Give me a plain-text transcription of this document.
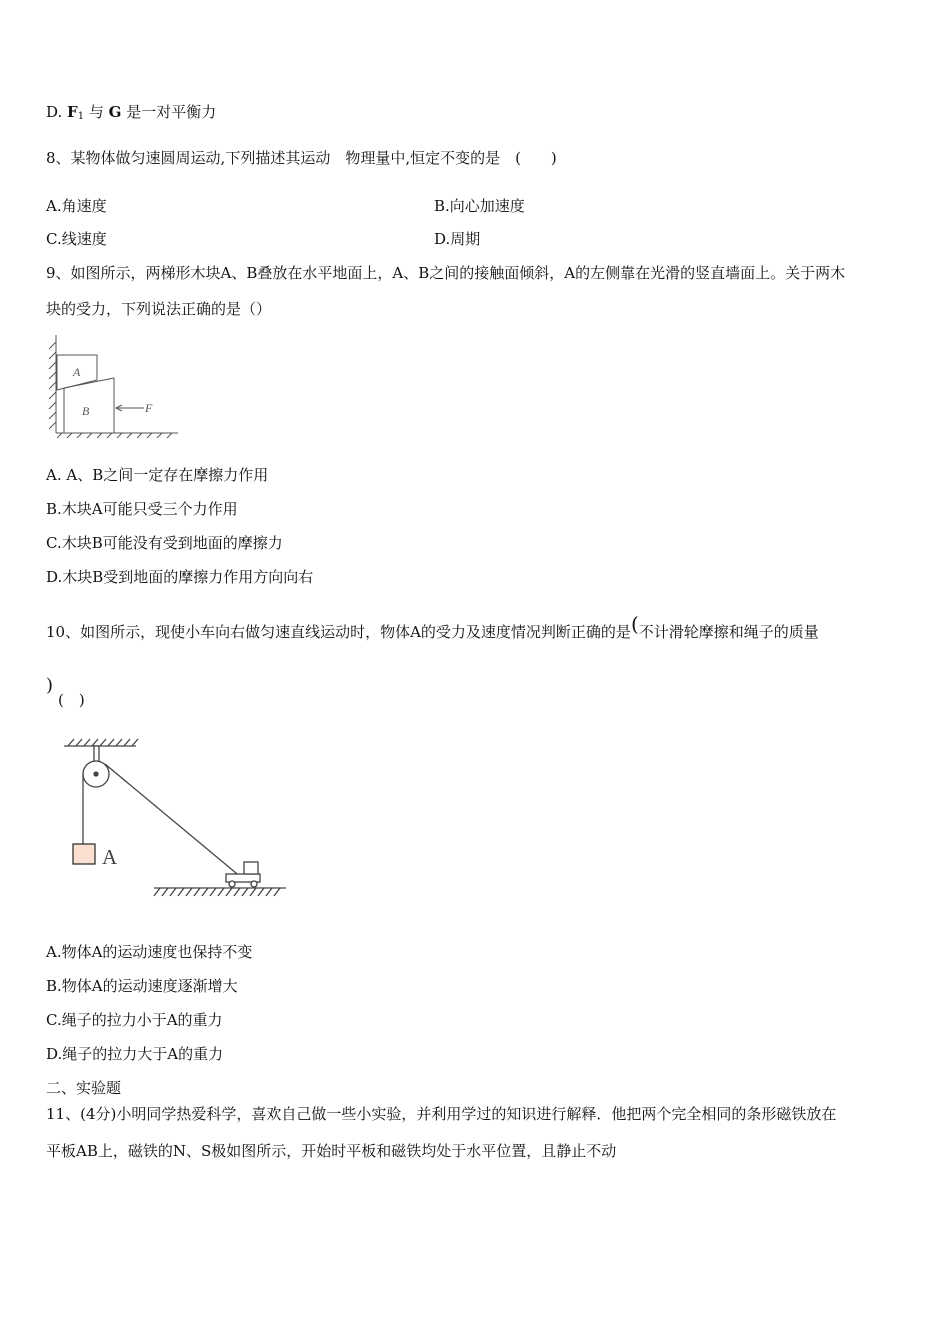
D. $F_1$ 与 G 是一对平衡力
8、某物体做匀速圆周运动,下列描述其运动　物理量中,恒定不变的是　(　　)
A.角速度	B.向心加速度
C.线速度	D.周期
9、如图所示，两梯形木块A、B叠放在水平地面上，A、B之间的接触面倾斜，A的左侧靠在光滑的竖直墙面上。关于两木
块的受力，下列说法正确的是（）
A
B	F
A. A、B之间一定存在摩擦力作用
B.木块A可能只受三个力作用
C.木块B可能没有受到地面的摩擦力
D.木块B受到地面的摩擦力作用方向向右
10、如图所示，现使小车向右做匀速直线运动时，物体A的受力及速度情况判断正确的是(不计滑轮摩擦和绳子的质量
)
(　)
A
A.物体A的运动速度也保持不变
B.物体A的运动速度逐渐增大
C.绳子的拉力小于A的重力
D.绳子的拉力大于A的重力
二、实验题
11、(4分)小明同学热爱科学，喜欢自己做一些小实验，并利用学过的知识进行解释．他把两个完全相同的条形磁铁放在
平板AB上，磁铁的N、S极如图所示，开始时平板和磁铁均处于水平位置，且静止不动
